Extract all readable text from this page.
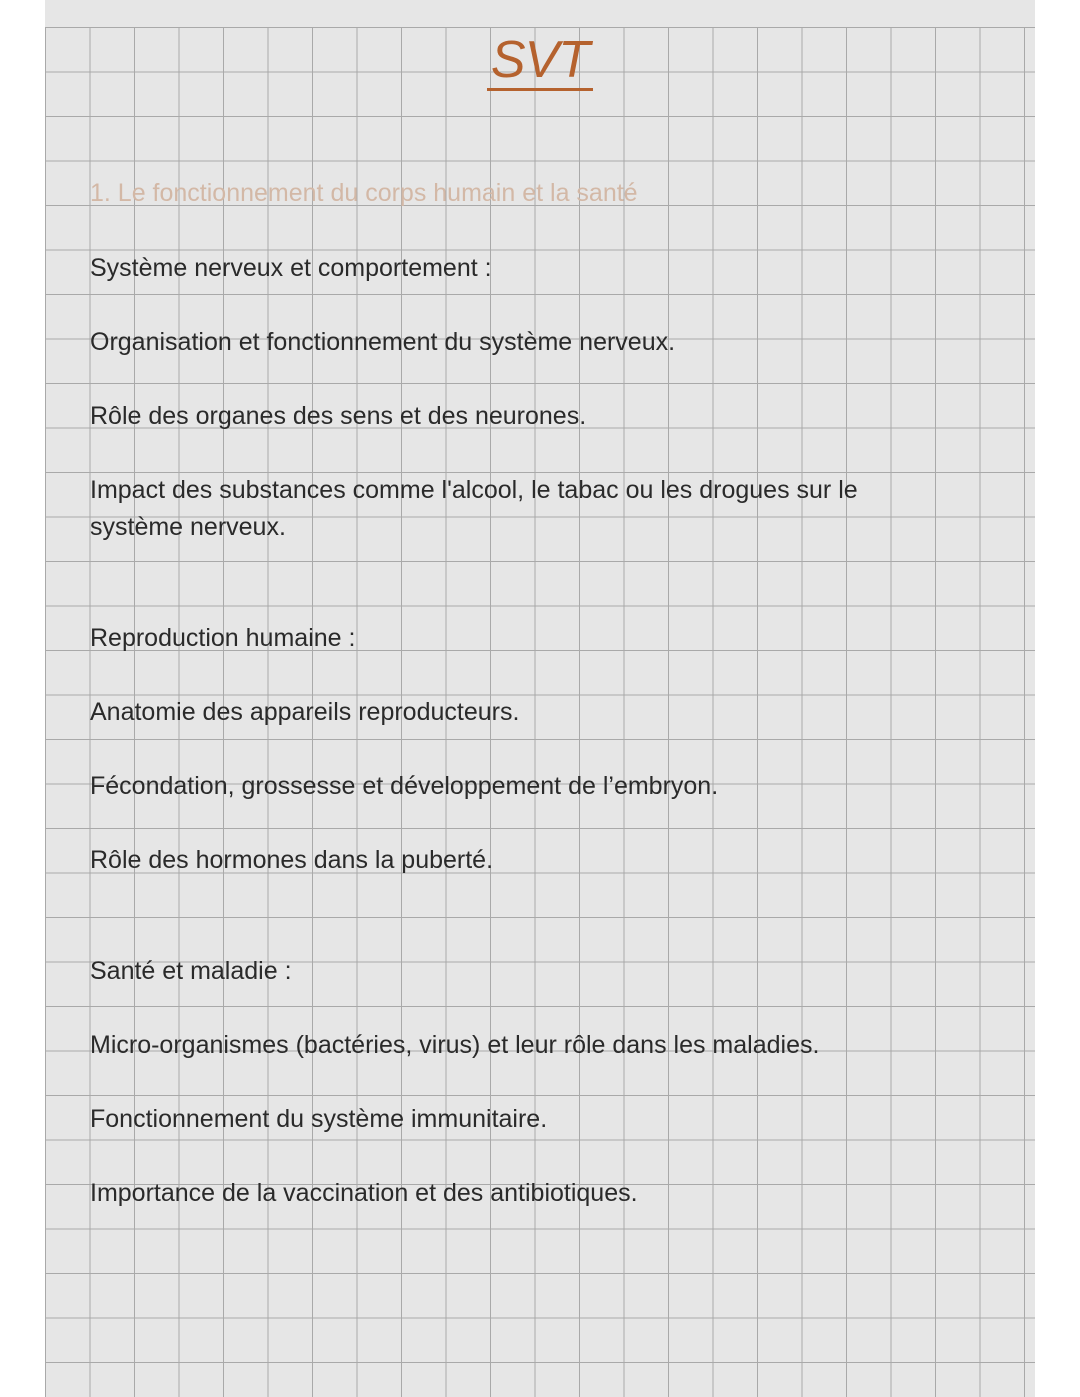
SVT
1. Le fonctionnement du corps humain et la santé
Système nerveux et comportement :
Organisation et fonctionnement du système nerveux.
Rôle des organes des sens et des neurones.
Impact des substances comme l'alcool, le tabac ou les drogues sur le
système nerveux.
Reproduction humaine :
Anatomie des appareils reproducteurs.
Fécondation, grossesse et développement de l’embryon.
Rôle des hormones dans la puberté.
Santé et maladie :
Micro-organismes (bactéries, virus) et leur rôle dans les maladies.
Fonctionnement du système immunitaire.
Importance de la vaccination et des antibiotiques.
